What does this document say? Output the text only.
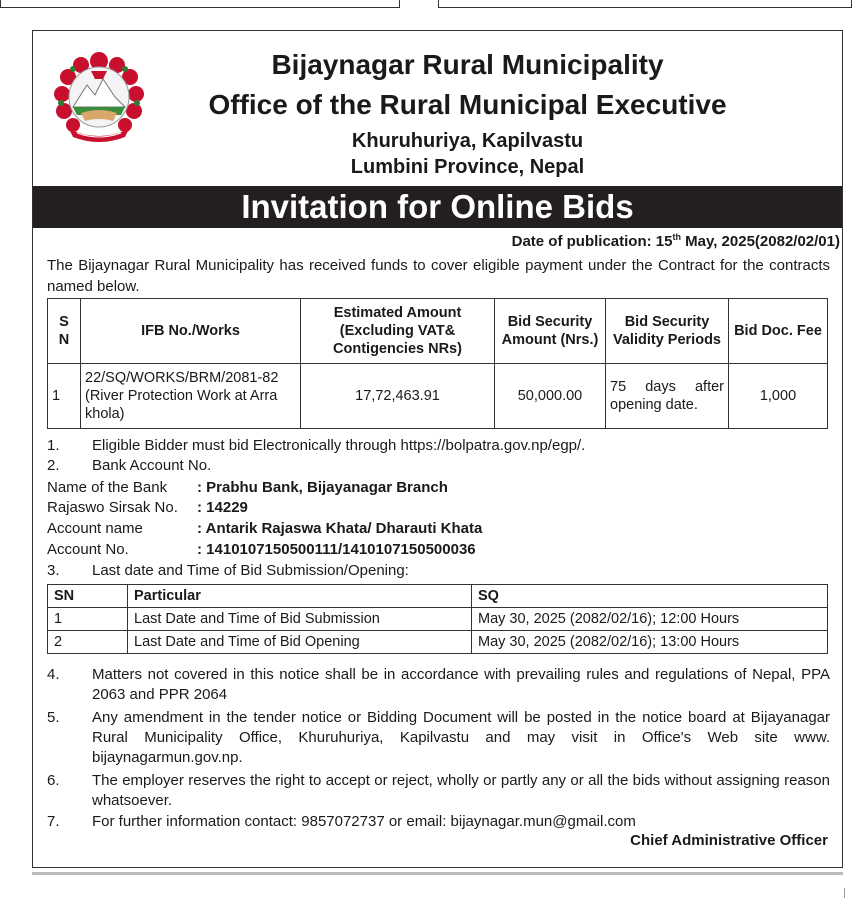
Bijaynagar Rural Municipality
Office of the Rural Municipal Executive
Khuruhuriya, Kapilvastu
Lumbini Province, Nepal
Invitation for Online Bids
Date of publication: 15th May, 2025(2082/02/01)
The Bijaynagar Rural Municipality has received funds to cover eligible payment under the Contract for the contracts named below.
S N	IFB No./Works	Estimated Amount (Excluding VAT& Contigencies NRs)	Bid Security Amount (Nrs.)	Bid Security Validity Periods	Bid Doc. Fee
1	22/SQ/WORKS/BRM/2081-82 (River Protection Work at Arra khola)	17,72,463.91	50,000.00	75 days after opening date.	1,000
1. Eligible Bidder must bid Electronically through https://bolpatra.gov.np/egp/.
2. Bank Account No.
Name of the Bank : Prabhu Bank, Bijayanagar Branch
Rajaswo Sirsak No. : 14229
Account name	: Antarik Rajaswa Khata/ Dharauti Khata
Account No.	: 1410107150500111/1410107150500036
3. Last date and Time of Bid Submission/Opening:
SN	Particular	SQ
1	Last Date and Time of Bid Submission	May 30, 2025 (2082/02/16); 12:00 Hours
2	Last Date and Time of Bid Opening	May 30, 2025 (2082/02/16); 13:00 Hours
4. Matters not covered in this notice shall be in accordance with prevailing rules and regulations of Nepal, PPA 2063 and PPR 2064
5. Any amendment in the tender notice or Bidding Document will be posted in the notice board at Bijayanagar Rural Municipality Office, Khuruhuriya, Kapilvastu and may visit in Office's Web site www. bijaynagarmun.gov.np.
6. The employer reserves the right to accept or reject, wholly or partly any or all the bids without assigning reason whatsoever.
7. For further information contact: 9857072737 or email: bijaynagar.mun@gmail.com
Chief Administrative Officer
